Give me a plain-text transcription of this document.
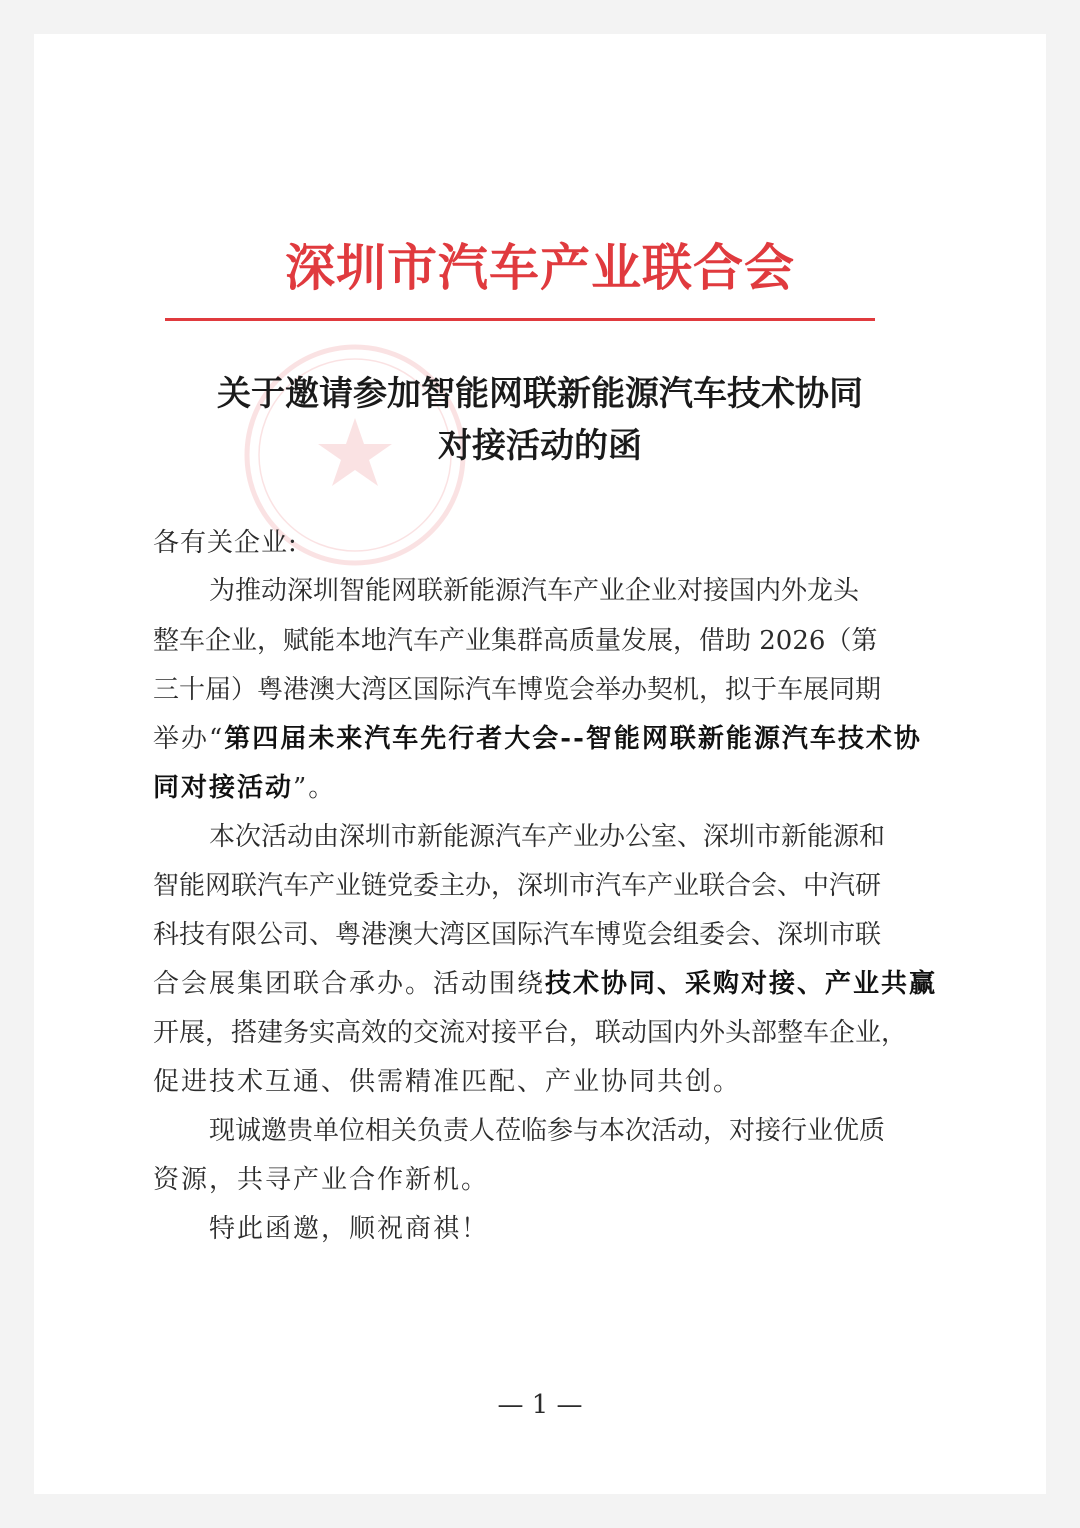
深圳市汽车产业联合会
关于邀请参加智能网联新能源汽车技术协同
对接活动的函
各有关企业:
为推动深圳智能网联新能源汽车产业企业对接国内外龙头
整车企业，赋能本地汽车产业集群高质量发展，借助 2026（第
三十届）粤港澳大湾区国际汽车博览会举办契机，拟于车展同期
举办“ 第四届未来汽车先行者大会--智能网联新能源汽车技术协
同对接活动 ”。
本次活动由深圳市新能源汽车产业办公室、深圳市新能源和
智能网联汽车产业链党委主办，深圳市汽车产业联合会、中汽研
科技有限公司、粤港澳大湾区国际汽车博览会组委会、深圳市联
合会展集团联合承办。活动围绕 技术协同、采购对接、产业共赢
开展，搭建务实高效的交流对接平台，联动国内外头部整车企业，
促进技术互通、供需精准匹配、产业协同共创。
现诚邀贵单位相关负责人莅临参与本次活动，对接行业优质
资源，共寻产业合作新机。
特此函邀，顺祝商祺！
— 1 —
